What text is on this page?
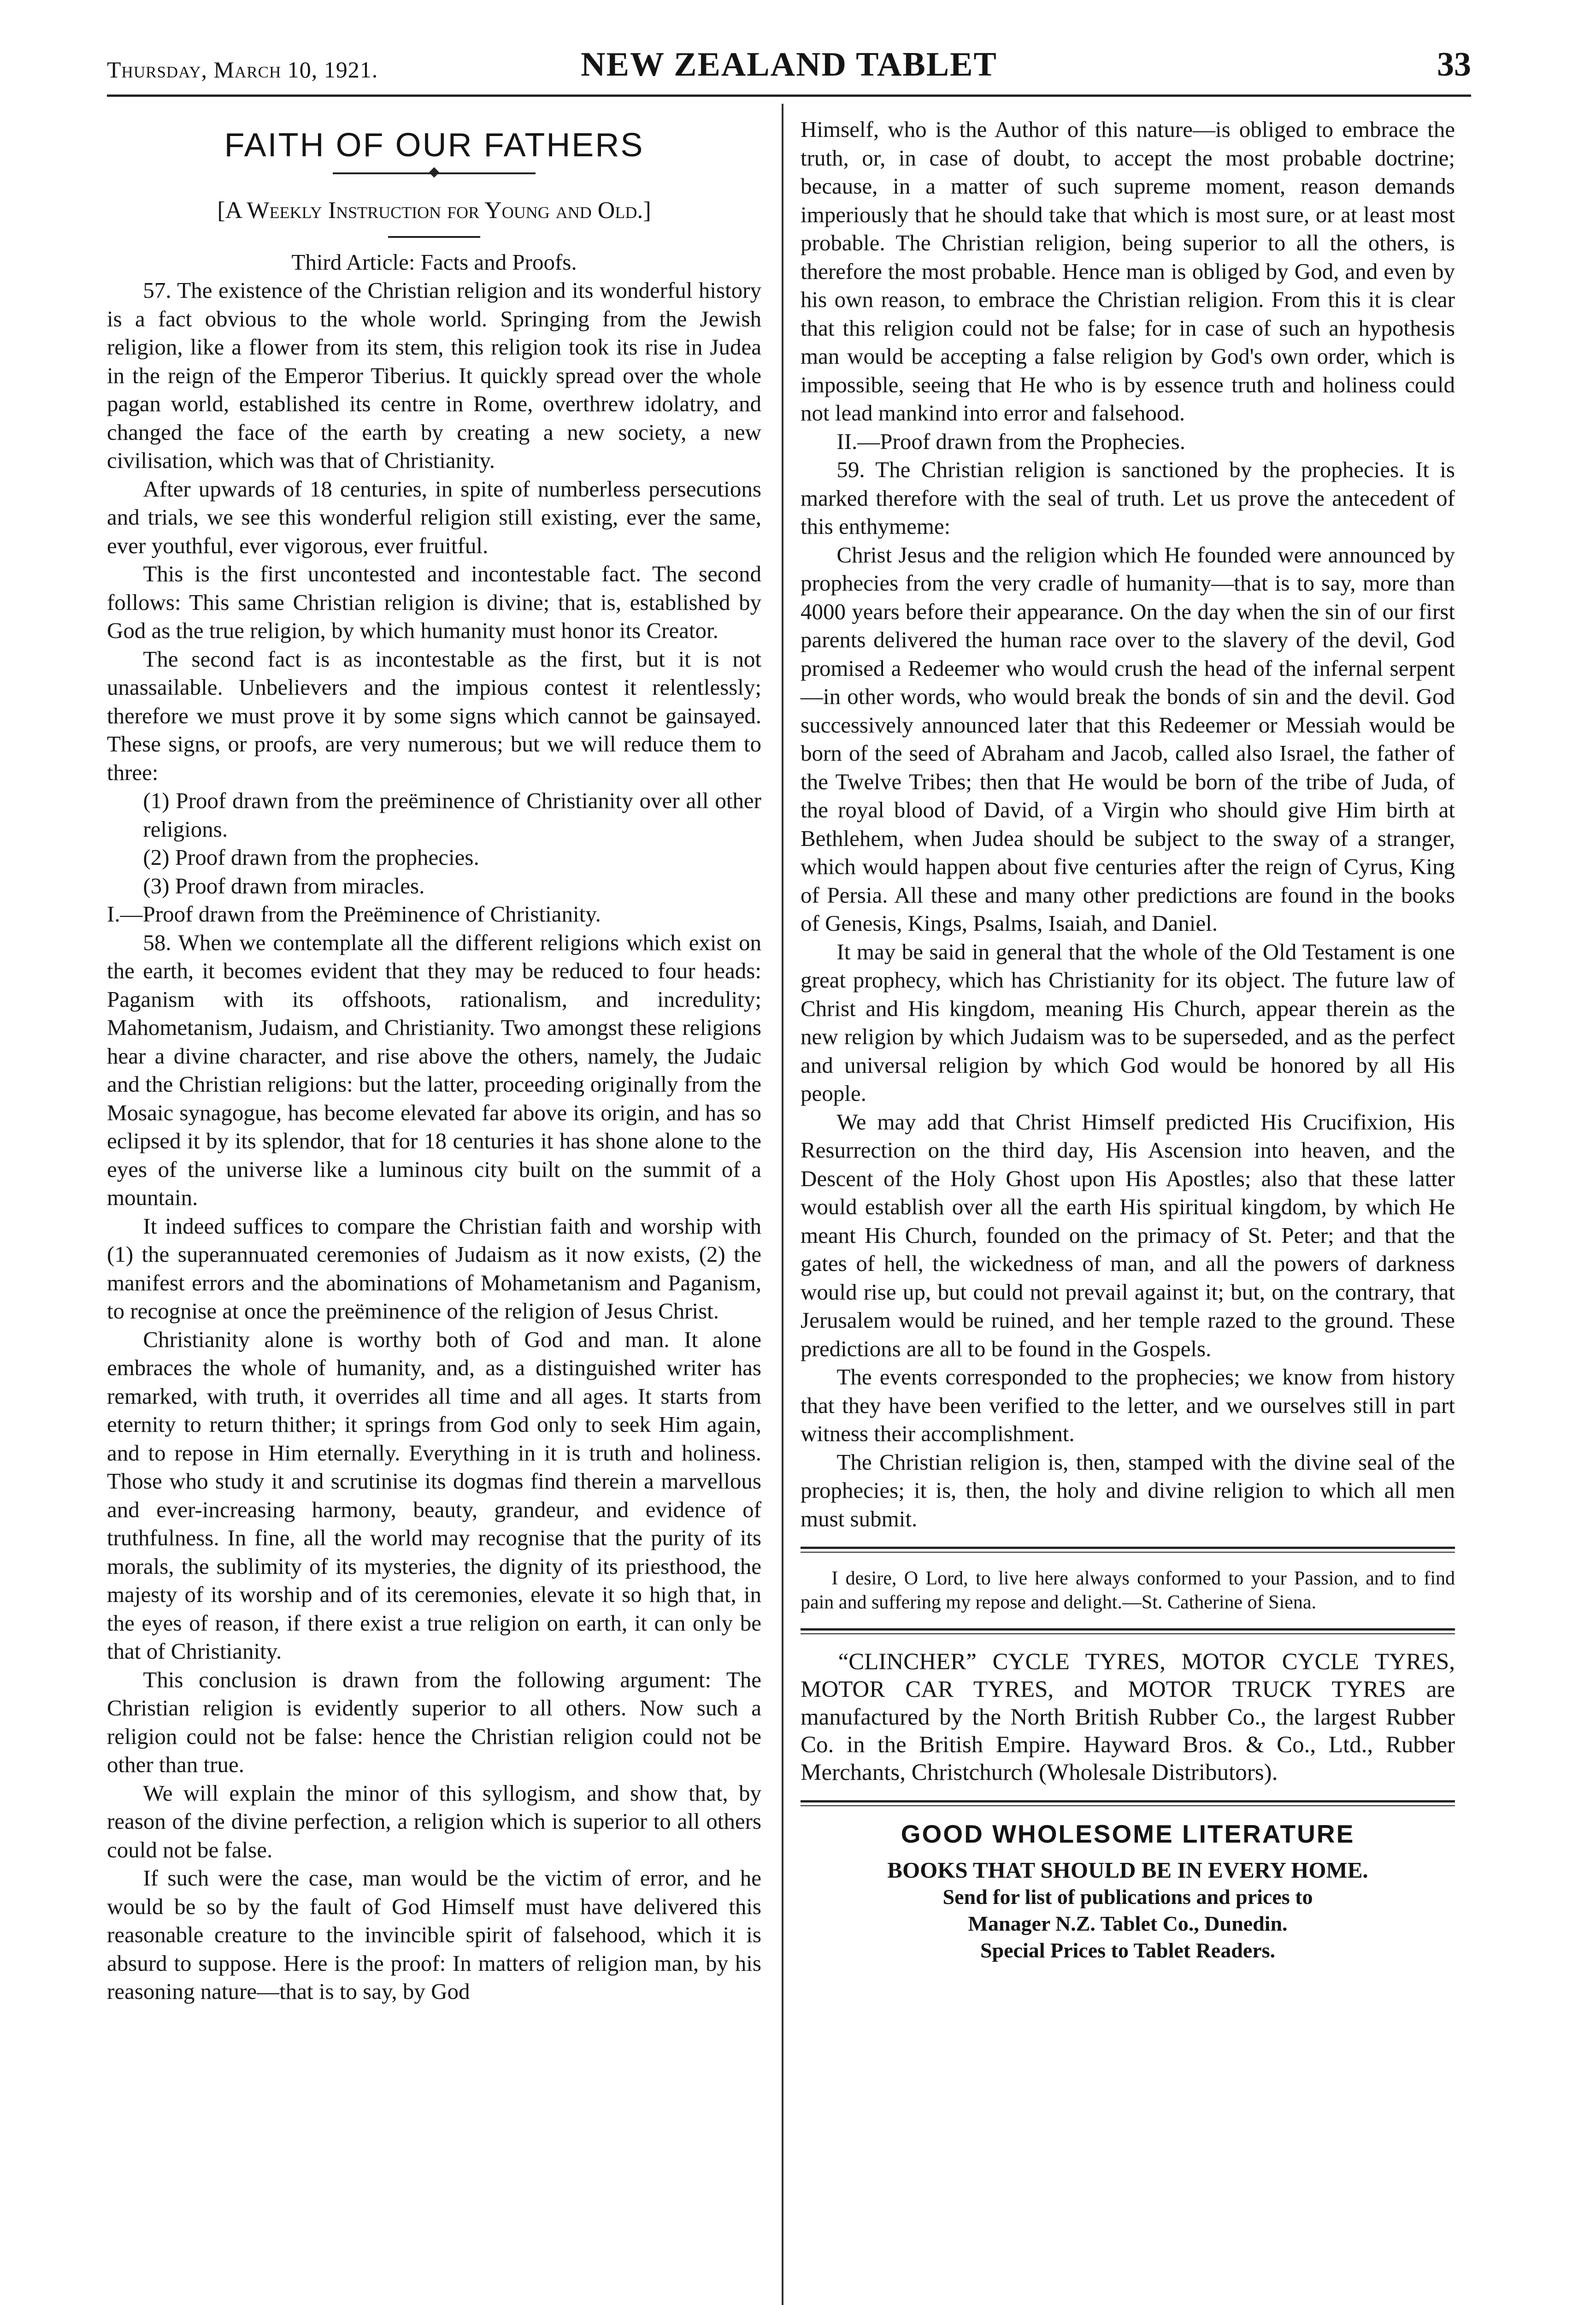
Thursday, March 10, 1921.	NEW ZEALAND TABLET	33
FAITH OF OUR FATHERS
[A Weekly Instruction for Young and Old.]
Third Article: Facts and Proofs.

57. The existence of the Christian religion and its wonderful history is a fact obvious to the whole world. Springing from the Jewish religion, like a flower from its stem, this religion took its rise in Judea in the reign of the Emperor Tiberius. It quickly spread over the whole pagan world, established its centre in Rome, overthrew idolatry, and changed the face of the earth by creating a new society, a new civilisation, which was that of Christianity.

After upwards of 18 centuries, in spite of numberless persecutions and trials, we see this wonderful religion still existing, ever the same, ever youthful, ever vigorous, ever fruitful.

This is the first uncontested and incontestable fact. The second follows: This same Christian religion is divine; that is, established by God as the true religion, by which humanity must honor its Creator.

The second fact is as incontestable as the first, but it is not unassailable. Unbelievers and the impious contest it relentlessly; therefore we must prove it by some signs which cannot be gainsayed. These signs, or proofs, are very numerous; but we will reduce them to three:

(1) Proof drawn from the preëminence of Christianity over all other religions.

(2) Proof drawn from the prophecies.

(3) Proof drawn from miracles.

I.—Proof drawn from the Preëminence of Christianity.

58. When we contemplate all the different religions which exist on the earth, it becomes evident that they may be reduced to four heads: Paganism with its offshoots, rationalism, and incredulity; Mahometanism, Judaism, and Christianity. Two amongst these religions hear a divine character, and rise above the others, namely, the Judaic and the Christian religions: but the latter, proceeding originally from the Mosaic synagogue, has become elevated far above its origin, and has so eclipsed it by its splendor, that for 18 centuries it has shone alone to the eyes of the universe like a luminous city built on the summit of a mountain.

It indeed suffices to compare the Christian faith and worship with (1) the superannuated ceremonies of Judaism as it now exists, (2) the manifest errors and the abominations of Mohametanism and Paganism, to recognise at once the preëminence of the religion of Jesus Christ.

Christianity alone is worthy both of God and man. It alone embraces the whole of humanity, and, as a distinguished writer has remarked, with truth, it overrides all time and all ages. It starts from eternity to return thither; it springs from God only to seek Him again, and to repose in Him eternally. Everything in it is truth and holiness. Those who study it and scrutinise its dogmas find therein a marvellous and ever-increasing harmony, beauty, grandeur, and evidence of truthfulness. In fine, all the world may recognise that the purity of its morals, the sublimity of its mysteries, the dignity of its priesthood, the majesty of its worship and of its ceremonies, elevate it so high that, in the eyes of reason, if there exist a true religion on earth, it can only be that of Christianity.

This conclusion is drawn from the following argument: The Christian religion is evidently superior to all others. Now such a religion could not be false: hence the Christian religion could not be other than true.

We will explain the minor of this syllogism, and show that, by reason of the divine perfection, a religion which is superior to all others could not be false.

If such were the case, man would be the victim of error, and he would be so by the fault of God Himself must have delivered this reasonable creature to the invincible spirit of falsehood, which it is absurd to suppose. Here is the proof: In matters of religion man, by his reasoning nature—that is to say, by God

Himself, who is the Author of this nature—is obliged to embrace the truth, or, in case of doubt, to accept the most probable doctrine; because, in a matter of such supreme moment, reason demands imperiously that he should take that which is most sure, or at least most probable. The Christian religion, being superior to all the others, is therefore the most probable. Hence man is obliged by God, and even by his own reason, to embrace the Christian religion. From this it is clear that this religion could not be false; for in case of such an hypothesis man would be accepting a false religion by God's own order, which is impossible, seeing that He who is by essence truth and holiness could not lead mankind into error and falsehood.

II.—Proof drawn from the Prophecies.

59. The Christian religion is sanctioned by the prophecies. It is marked therefore with the seal of truth. Let us prove the antecedent of this enthymeme:

Christ Jesus and the religion which He founded were announced by prophecies from the very cradle of humanity—that is to say, more than 4000 years before their appearance. On the day when the sin of our first parents delivered the human race over to the slavery of the devil, God promised a Redeemer who would crush the head of the infernal serpent—in other words, who would break the bonds of sin and the devil. God successively announced later that this Redeemer or Messiah would be born of the seed of Abraham and Jacob, called also Israel, the father of the Twelve Tribes; then that He would be born of the tribe of Juda, of the royal blood of David, of a Virgin who should give Him birth at Bethlehem, when Judea should be subject to the sway of a stranger, which would happen about five centuries after the reign of Cyrus, King of Persia. All these and many other predictions are found in the books of Genesis, Kings, Psalms, Isaiah, and Daniel.

It may be said in general that the whole of the Old Testament is one great prophecy, which has Christianity for its object. The future law of Christ and His kingdom, meaning His Church, appear therein as the new religion by which Judaism was to be superseded, and as the perfect and universal religion by which God would be honored by all His people.

We may add that Christ Himself predicted His Crucifixion, His Resurrection on the third day, His Ascension into heaven, and the Descent of the Holy Ghost upon His Apostles; also that these latter would establish over all the earth His spiritual kingdom, by which He meant His Church, founded on the primacy of St. Peter; and that the gates of hell, the wickedness of man, and all the powers of darkness would rise up, but could not prevail against it; but, on the contrary, that Jerusalem would be ruined, and her temple razed to the ground. These predictions are all to be found in the Gospels.

The events corresponded to the prophecies; we know from history that they have been verified to the letter, and we ourselves still in part witness their accomplishment.

The Christian religion is, then, stamped with the divine seal of the prophecies; it is, then, the holy and divine religion to which all men must submit.

I desire, O Lord, to live here always conformed to your Passion, and to find pain and suffering my repose and delight.—St. Catherine of Siena.

“CLINCHER” CYCLE TYRES, MOTOR CYCLE TYRES, MOTOR CAR TYRES, and MOTOR TRUCK TYRES are manufactured by the North British Rubber Co., the largest Rubber Co. in the British Empire. Hayward Bros. & Co., Ltd., Rubber Merchants, Christchurch (Wholesale Distributors).

GOOD WHOLESOME LITERATURE
BOOKS THAT SHOULD BE IN EVERY HOME.
Send for list of publications and prices to
Manager N.Z. Tablet Co., Dunedin.
Special Prices to Tablet Readers.
